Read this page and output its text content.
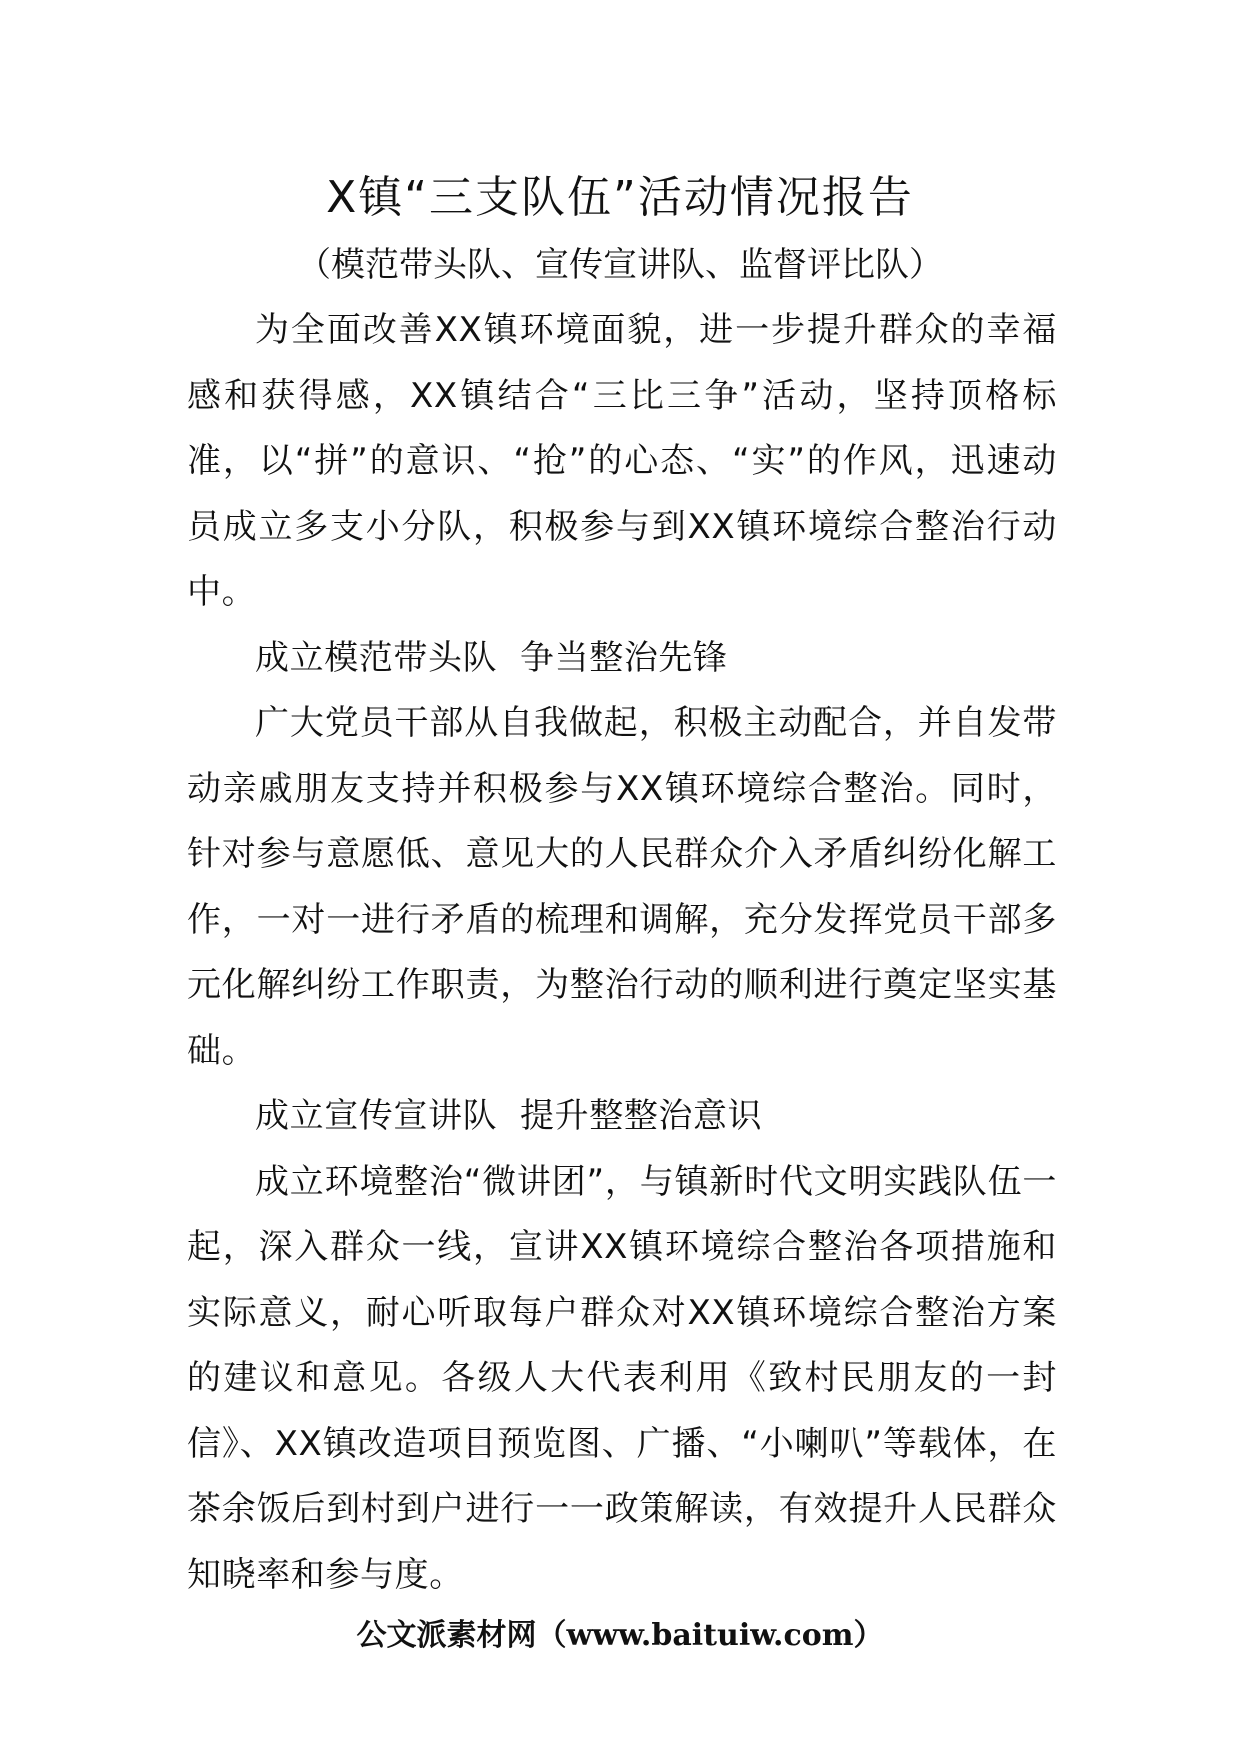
X镇“三支队伍”活动情况报告

（模范带头队、宣传宣讲队、监督评比队）

为全面改善XX镇环境面貌，进一步提升群众的幸福感和获得感，XX镇结合“三比三争”活动，坚持顶格标准，以“拼”的意识、“抢”的心态、“实”的作风，迅速动员成立多支小分队，积极参与到XX镇环境综合整治行动中。

成立模范带头队  争当整治先锋

广大党员干部从自我做起，积极主动配合，并自发带动亲戚朋友支持并积极参与XX镇环境综合整治。同时，针对参与意愿低、意见大的人民群众介入矛盾纠纷化解工作，一对一进行矛盾的梳理和调解，充分发挥党员干部多元化解纠纷工作职责，为整治行动的顺利进行奠定坚实基础。

成立宣传宣讲队  提升整整治意识

成立环境整治“微讲团”，与镇新时代文明实践队伍一起，深入群众一线，宣讲XX镇环境综合整治各项措施和实际意义，耐心听取每户群众对XX镇环境综合整治方案的建议和意见。各级人大代表利用《致村民朋友的一封信》、XX镇改造项目预览图、广播、“小喇叭”等载体，在茶余饭后到村到户进行一一政策解读，有效提升人民群众知晓率和参与度。

公文派素材网（www.baituiw.com）
